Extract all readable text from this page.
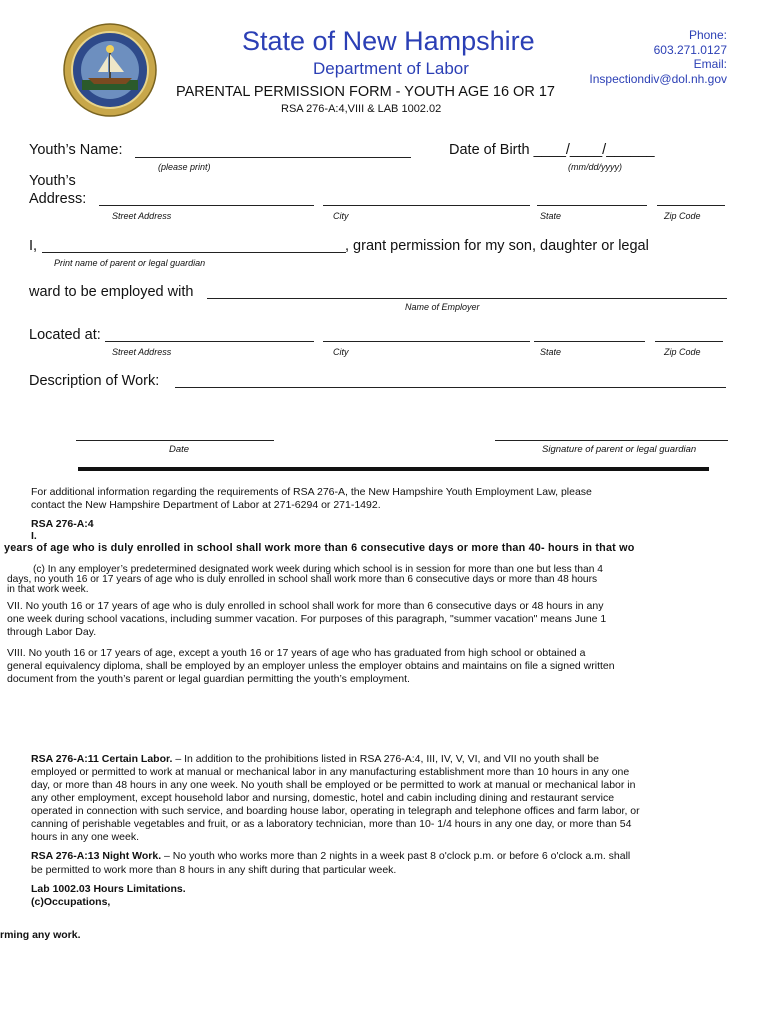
State of New Hampshire
Department of Labor
Phone:
603.271.0127
Email:
Inspectiondiv@dol.nh.gov
PARENTAL PERMISSION FORM - YOUTH AGE 16 OR 17
RSA 276-A:4,VIII & LAB 1002.02
Youth’s Name:
(please print)
Date of Birth ____/____/______
(mm/dd/yyyy)
Youth’s
Address:
Street Address	City	State	Zip Code
I,	, grant permission for my son, daughter or legal
Print name of parent or legal guardian
ward to be employed with
Name of Employer
Located at:
Street Address	City	State	Zip Code
Description of Work:
Date	Signature of parent or legal guardian
For additional information regarding the requirements of RSA 276-A, the New Hampshire Youth Employment Law, please
contact the New Hampshire Department of Labor at 271-6294 or 271-1492.
RSA 276-A:4
I.
years of age who is duly enrolled in school shall work more than 6 consecutive days or more than 40- hours in that wo
(c) In any employer’s predetermined designated work week during which school is in session for more than one but less than 4
days, no youth 16 or 17 years of age who is duly enrolled in school shall work more than 6 consecutive days or more than 48 hours
in that work week.
VII. No youth 16 or 17 years of age who is duly enrolled in school shall work for more than 6 consecutive days or 48 hours in any
one week during school vacations, including summer vacation. For purposes of this paragraph, "summer vacation" means June 1
through Labor Day.
VIII. No youth 16 or 17 years of age, except a youth 16 or 17 years of age who has graduated from high school or obtained a
general equivalency diploma, shall be employed by an employer unless the employer obtains and maintains on file a signed written
document from the youth’s parent or legal guardian permitting the youth’s employment.
RSA 276-A:11 Certain Labor. – In addition to the prohibitions listed in RSA 276-A:4, III, IV, V, VI, and VII no youth shall be
employed or permitted to work at manual or mechanical labor in any manufacturing establishment more than 10 hours in any one
day, or more than 48 hours in any one week. No youth shall be employed or be permitted to work at manual or mechanical labor in
any other employment, except household labor and nursing, domestic, hotel and cabin including dining and restaurant service
operated in connection with such service, and boarding house labor, operating in telegraph and telephone offices and farm labor, or
canning of perishable vegetables and fruit, or as a laboratory technician, more than 10- 1/4 hours in any one day, or more than 54
hours in any one week.
RSA 276-A:13 Night Work. – No youth who works more than 2 nights in a week past 8 o'clock p.m. or before 6 o'clock a.m. shall
be permitted to work more than 8 hours in any shift during that particular week.
Lab 1002.03 Hours Limitations.
(c)Occupations,
rming any work.
